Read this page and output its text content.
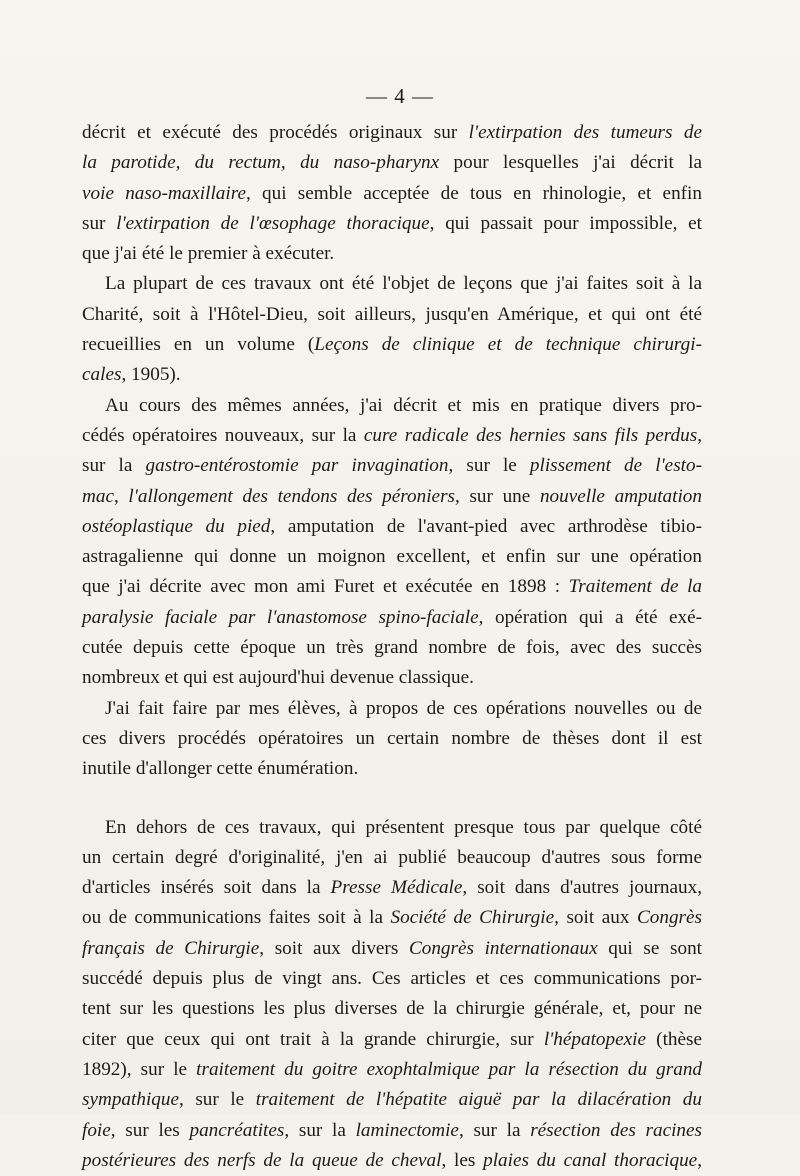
— 4 —
décrit et exécuté des procédés originaux sur l'extirpation des tumeurs de
la parotide, du rectum, du naso-pharynx pour lesquelles j'ai décrit la
voie naso-maxillaire, qui semble acceptée de tous en rhinologie, et enfin
sur l'extirpation de l'œsophage thoracique, qui passait pour impossible, et
que j'ai été le premier à exécuter.
La plupart de ces travaux ont été l'objet de leçons que j'ai faites soit à la
Charité, soit à l'Hôtel-Dieu, soit ailleurs, jusqu'en Amérique, et qui ont été
recueillies en un volume (Leçons de clinique et de technique chirurgi-
cales, 1905).
Au cours des mêmes années, j'ai décrit et mis en pratique divers pro-
cédés opératoires nouveaux, sur la cure radicale des hernies sans fils perdus,
sur la gastro-entérostomie par invagination, sur le plissement de l'esto-
mac, l'allongement des tendons des péroniers, sur une nouvelle amputation
ostéoplastique du pied, amputation de l'avant-pied avec arthrodèse tibio-
astragalienne qui donne un moignon excellent, et enfin sur une opération
que j'ai décrite avec mon ami Furet et exécutée en 1898 : Traitement de la
paralysie faciale par l'anastomose spino-faciale, opération qui a été exé-
cutée depuis cette époque un très grand nombre de fois, avec des succès
nombreux et qui est aujourd'hui devenue classique.
J'ai fait faire par mes élèves, à propos de ces opérations nouvelles ou de
ces divers procédés opératoires un certain nombre de thèses dont il est
inutile d'allonger cette énumération.
En dehors de ces travaux, qui présentent presque tous par quelque côté
un certain degré d'originalité, j'en ai publié beaucoup d'autres sous forme
d'articles insérés soit dans la Presse Médicale, soit dans d'autres journaux,
ou de communications faites soit à la Société de Chirurgie, soit aux Congrès
français de Chirurgie, soit aux divers Congrès internationaux qui se sont
succédé depuis plus de vingt ans. Ces articles et ces communications por-
tent sur les questions les plus diverses de la chirurgie générale, et, pour ne
citer que ceux qui ont trait à la grande chirurgie, sur l'hépatopexie (thèse
1892), sur le traitement du goitre exophtalmique par la résection du grand
sympathique, sur le traitement de l'hépatite aiguë par la dilacération du
foie, sur les pancréatites, sur la laminectomie, sur la résection des racines
postérieures des nerfs de la queue de cheval, les plaies du canal thoracique,
